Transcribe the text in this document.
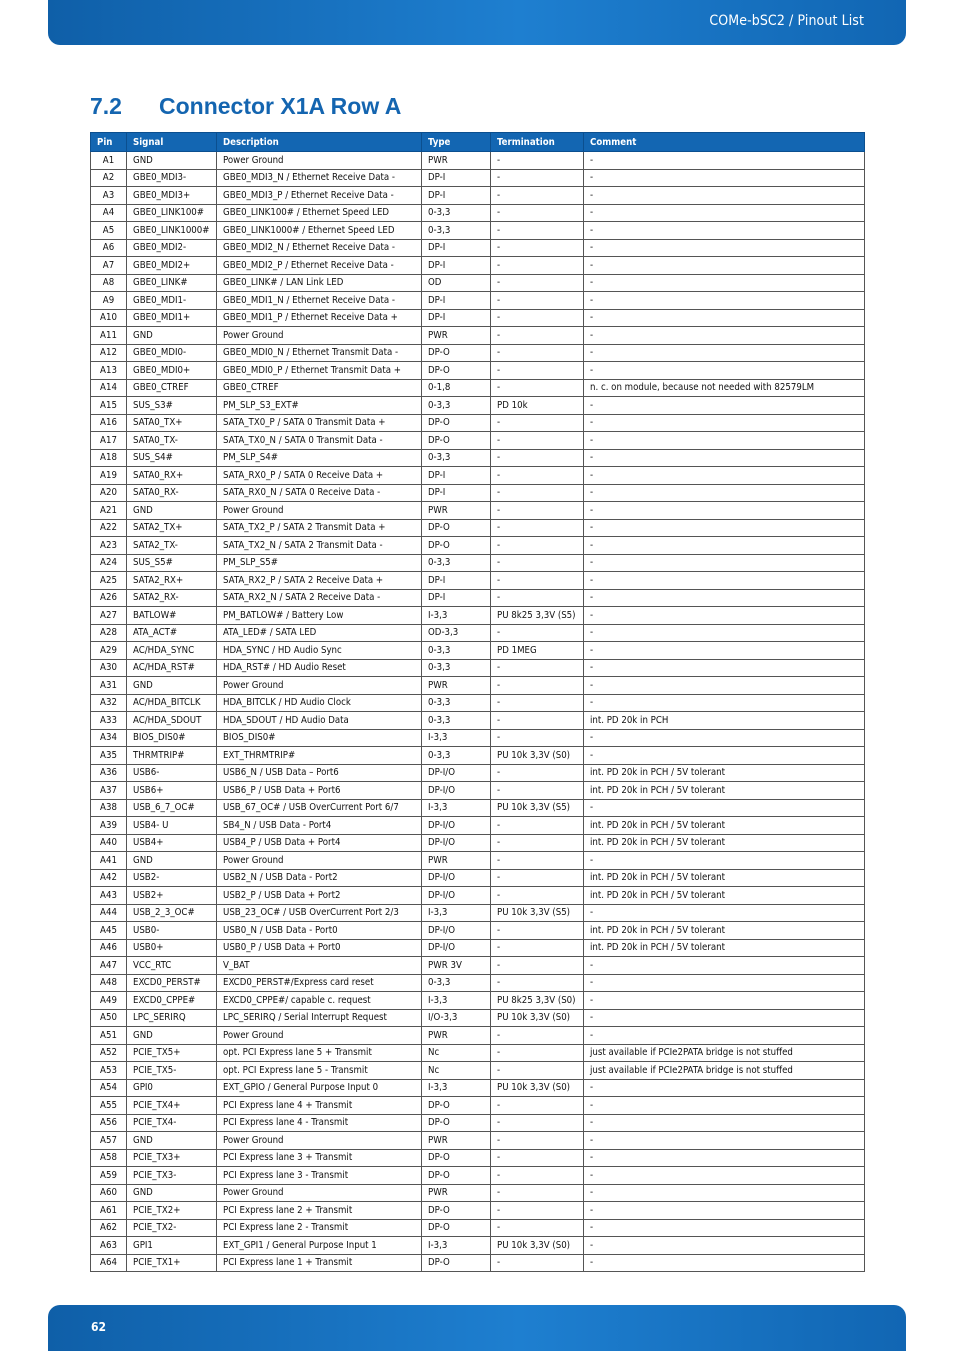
COMe-bSC2 / Pinout List
7.2 Connector X1A Row A
Pin	Signal	Description	Type	Termination	Comment
A1	GND	Power Ground	PWR	-	-
A2	GBE0_MDI3-	GBE0_MDI3_N / Ethernet Receive Data -	DP-I	-	-
A3	GBE0_MDI3+	GBE0_MDI3_P / Ethernet Receive Data -	DP-I	-	-
A4	GBE0_LINK100#	GBE0_LINK100# / Ethernet Speed LED	0-3,3	-	-
A5	GBE0_LINK1000#	GBE0_LINK1000# / Ethernet Speed LED	0-3,3	-	-
A6	GBE0_MDI2-	GBE0_MDI2_N / Ethernet Receive Data -	DP-I	-	-
A7	GBE0_MDI2+	GBE0_MDI2_P / Ethernet Receive Data -	DP-I	-	-
A8	GBE0_LINK#	GBE0_LINK# / LAN Link LED	OD	-	-
A9	GBE0_MDI1-	GBE0_MDI1_N / Ethernet Receive Data -	DP-I	-	-
A10	GBE0_MDI1+	GBE0_MDI1_P / Ethernet Receive Data +	DP-I	-	-
A11	GND	Power Ground	PWR	-	-
A12	GBE0_MDI0-	GBE0_MDI0_N / Ethernet Transmit Data -	DP-O	-	-
A13	GBE0_MDI0+	GBE0_MDI0_P / Ethernet Transmit Data +	DP-O	-	-
A14	GBE0_CTREF	GBE0_CTREF	0-1,8	-	n. c. on module, because not needed with 82579LM
A15	SUS_S3#	PM_SLP_S3_EXT#	0-3,3	PD 10k	-
A16	SATA0_TX+	SATA_TX0_P / SATA 0 Transmit Data +	DP-O	-	-
A17	SATA0_TX-	SATA_TX0_N / SATA 0 Transmit Data -	DP-O	-	-
A18	SUS_S4#	PM_SLP_S4#	0-3,3	-	-
A19	SATA0_RX+	SATA_RX0_P / SATA 0 Receive Data +	DP-I	-	-
A20	SATA0_RX-	SATA_RX0_N / SATA 0 Receive Data -	DP-I	-	-
A21	GND	Power Ground	PWR	-	-
A22	SATA2_TX+	SATA_TX2_P / SATA 2 Transmit Data +	DP-O	-	-
A23	SATA2_TX-	SATA_TX2_N / SATA 2 Transmit Data -	DP-O	-	-
A24	SUS_S5#	PM_SLP_S5#	0-3,3	-	-
A25	SATA2_RX+	SATA_RX2_P / SATA 2 Receive Data +	DP-I	-	-
A26	SATA2_RX-	SATA_RX2_N / SATA 2 Receive Data -	DP-I	-	-
A27	BATLOW#	PM_BATLOW# / Battery Low	I-3,3	PU 8k25 3,3V (S5)	-
A28	ATA_ACT#	ATA_LED# / SATA LED	OD-3,3	-	-
A29	AC/HDA_SYNC	HDA_SYNC / HD Audio Sync	0-3,3	PD 1MEG	-
A30	AC/HDA_RST#	HDA_RST# / HD Audio Reset	0-3,3	-	-
A31	GND	Power Ground	PWR	-	-
A32	AC/HDA_BITCLK	HDA_BITCLK / HD Audio Clock	0-3,3	-	-
A33	AC/HDA_SDOUT	HDA_SDOUT / HD Audio Data	0-3,3	-	int. PD 20k in PCH
A34	BIOS_DIS0#	BIOS_DIS0#	I-3,3	-	-
A35	THRMTRIP#	EXT_THRMTRIP#	0-3,3	PU 10k 3,3V (S0)	-
A36	USB6-	USB6_N / USB Data – Port6	DP-I/O	-	int. PD 20k in PCH / 5V tolerant
A37	USB6+	USB6_P / USB Data + Port6	DP-I/O	-	int. PD 20k in PCH / 5V tolerant
A38	USB_6_7_OC#	USB_67_OC# / USB OverCurrent Port 6/7	I-3,3	PU 10k 3,3V (S5)	-
A39	USB4- U	SB4_N / USB Data - Port4	DP-I/O	-	int. PD 20k in PCH / 5V tolerant
A40	USB4+	USB4_P / USB Data + Port4	DP-I/O	-	int. PD 20k in PCH / 5V tolerant
A41	GND	Power Ground	PWR	-	-
A42	USB2-	USB2_N / USB Data - Port2	DP-I/O	-	int. PD 20k in PCH / 5V tolerant
A43	USB2+	USB2_P / USB Data + Port2	DP-I/O	-	int. PD 20k in PCH / 5V tolerant
A44	USB_2_3_OC#	USB_23_OC# / USB OverCurrent Port 2/3	I-3,3	PU 10k 3,3V (S5)	-
A45	USB0-	USB0_N / USB Data - Port0	DP-I/O	-	int. PD 20k in PCH / 5V tolerant
A46	USB0+	USB0_P / USB Data + Port0	DP-I/O	-	int. PD 20k in PCH / 5V tolerant
A47	VCC_RTC	V_BAT	PWR 3V	-	-
A48	EXCD0_PERST#	EXCD0_PERST#/Express card reset	0-3,3	-	-
A49	EXCD0_CPPE#	EXCD0_CPPE#/ capable c. request	I-3,3	PU 8k25 3,3V (S0)	-
A50	LPC_SERIRQ	LPC_SERIRQ / Serial Interrupt Request	I/O-3,3	PU 10k 3,3V (S0)	-
A51	GND	Power Ground	PWR	-	-
A52	PCIE_TX5+	opt. PCI Express lane 5 + Transmit	Nc	-	just available if PCIe2PATA bridge is not stuffed
A53	PCIE_TX5-	opt. PCI Express lane 5 - Transmit	Nc	-	just available if PCIe2PATA bridge is not stuffed
A54	GPI0	EXT_GPIO / General Purpose Input 0	I-3,3	PU 10k 3,3V (S0)	-
A55	PCIE_TX4+	PCI Express lane 4 + Transmit	DP-O	-	-
A56	PCIE_TX4-	PCI Express lane 4 - Transmit	DP-O	-	-
A57	GND	Power Ground	PWR	-	-
A58	PCIE_TX3+	PCI Express lane 3 + Transmit	DP-O	-	-
A59	PCIE_TX3-	PCI Express lane 3 - Transmit	DP-O	-	-
A60	GND	Power Ground	PWR	-	-
A61	PCIE_TX2+	PCI Express lane 2 + Transmit	DP-O	-	-
A62	PCIE_TX2-	PCI Express lane 2 - Transmit	DP-O	-	-
A63	GPI1	EXT_GPI1 / General Purpose Input 1	I-3,3	PU 10k 3,3V (S0)	-
A64	PCIE_TX1+	PCI Express lane 1 + Transmit	DP-O	-	-
62
